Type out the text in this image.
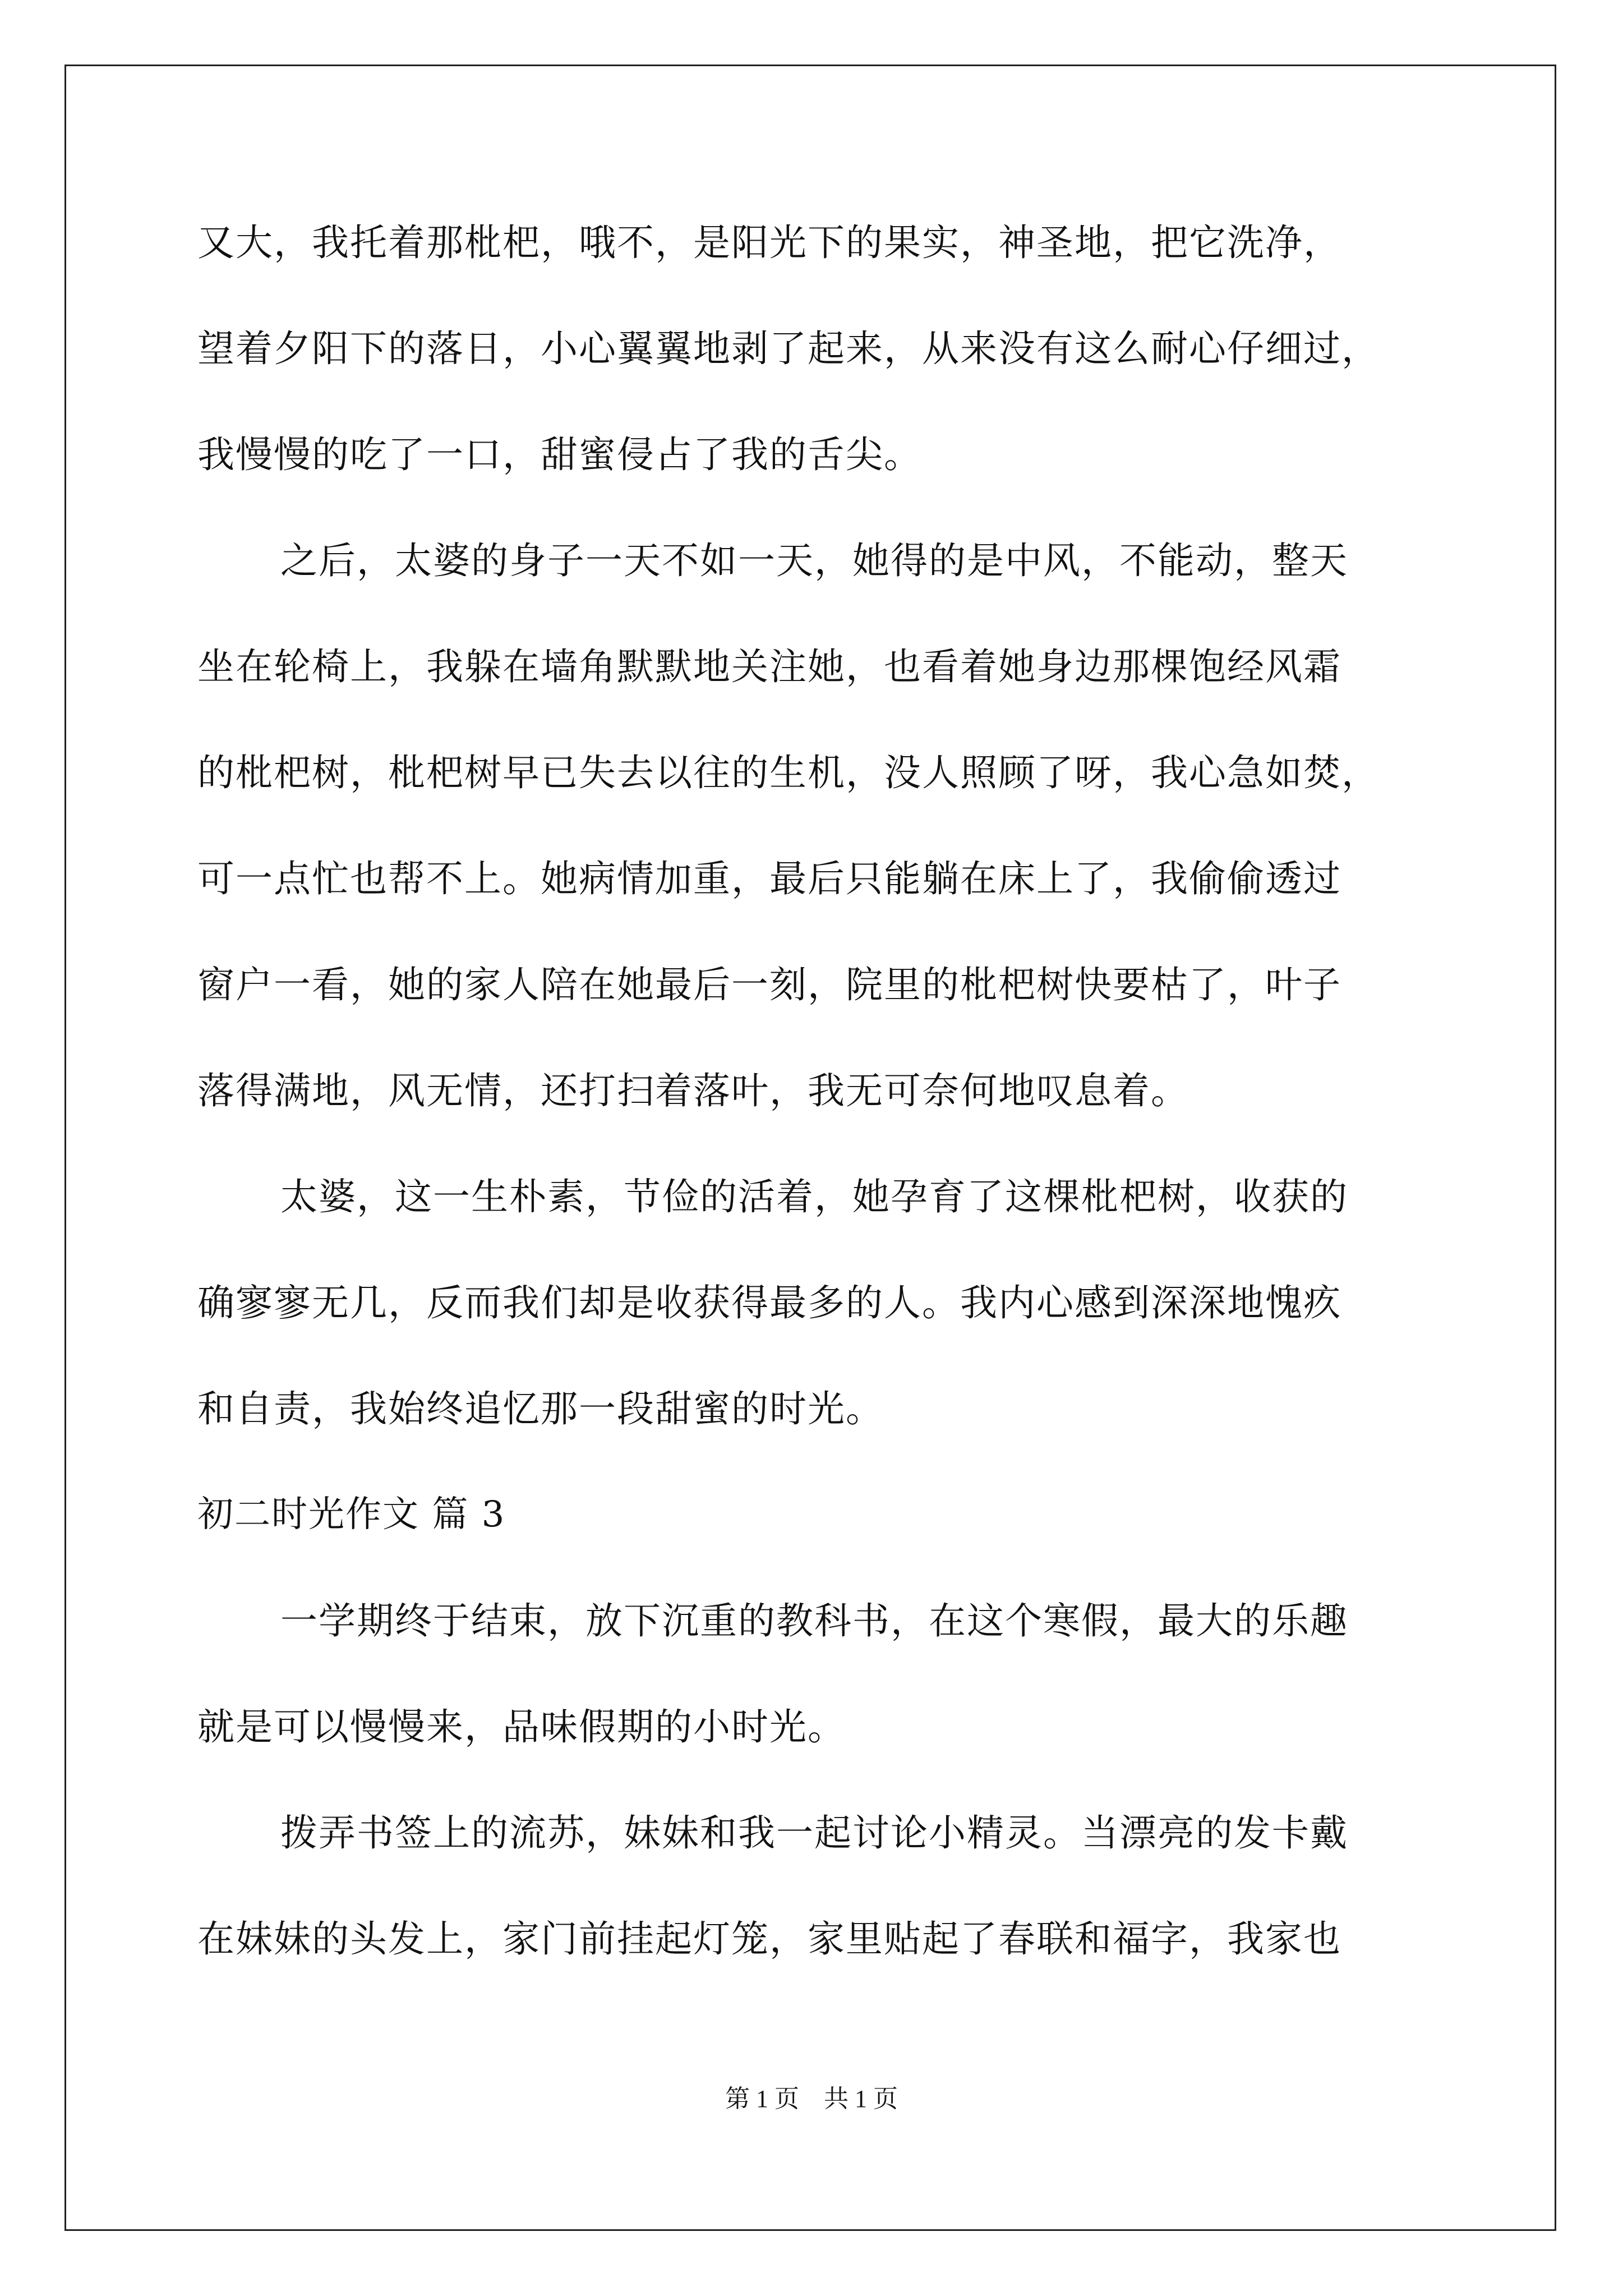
又大，我托着那枇杷，哦不，是阳光下的果实，神圣地，把它洗净，
望着夕阳下的落日，小心翼翼地剥了起来，从来没有这么耐心仔细过，
我慢慢的吃了一口，甜蜜侵占了我的舌尖。
之后，太婆的身子一天不如一天，她得的是中风，不能动，整天
坐在轮椅上，我躲在墙角默默地关注她，也看着她身边那棵饱经风霜
的枇杷树，枇杷树早已失去以往的生机，没人照顾了呀，我心急如焚，
可一点忙也帮不上。她病情加重，最后只能躺在床上了，我偷偷透过
窗户一看，她的家人陪在她最后一刻，院里的枇杷树快要枯了，叶子
落得满地，风无情，还打扫着落叶，我无可奈何地叹息着。
太婆，这一生朴素，节俭的活着，她孕育了这棵枇杷树，收获的
确寥寥无几，反而我们却是收获得最多的人。我内心感到深深地愧疚
和自责，我始终追忆那一段甜蜜的时光。
初二时光作文 篇 3
一学期终于结束，放下沉重的教科书，在这个寒假，最大的乐趣
就是可以慢慢来，品味假期的小时光。
拨弄书签上的流苏，妹妹和我一起讨论小精灵。当漂亮的发卡戴
在妹妹的头发上，家门前挂起灯笼，家里贴起了春联和福字，我家也
第 1 页　共 1 页
